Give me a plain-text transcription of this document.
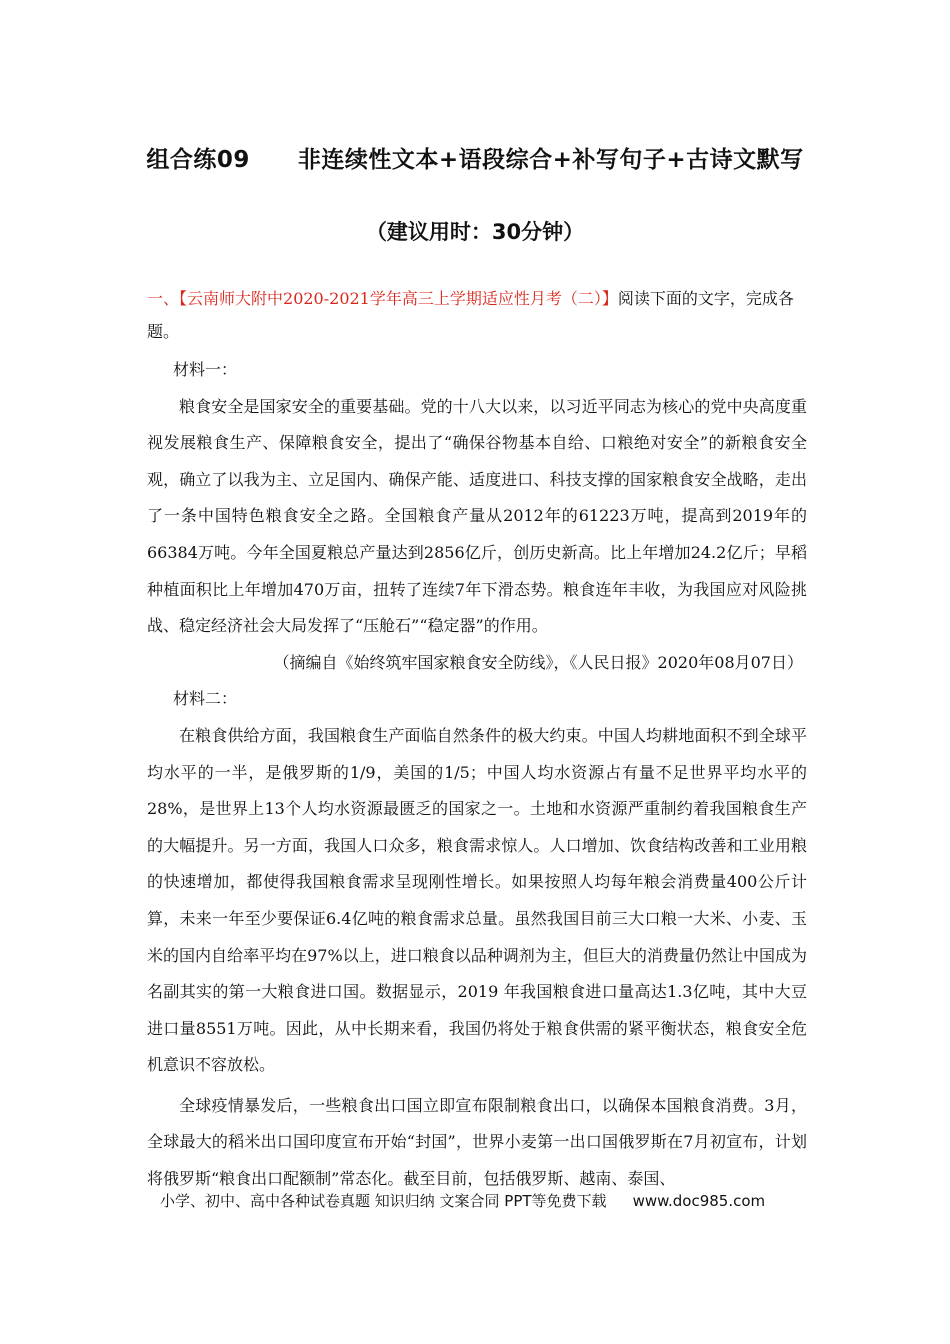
组合练09 非连续性文本+语段综合+补写句子+古诗文默写
（建议用时：30分钟）

一、【云南师大附中2020-2021学年高三上学期适应性月考（二）】阅读下面的文字，完成各题。

材料一：

粮食安全是国家安全的重要基础。党的十八大以来，以习近平同志为核心的党中央高度重视发展粮食生产、保障粮食安全，提出了“确保谷物基本自给、口粮绝对安全”的新粮食安全观，确立了以我为主、立足国内、确保产能、适度进口、科技支撑的国家粮食安全战略，走出了一条中国特色粮食安全之路。全国粮食产量从2012年的61223万吨，提高到2019年的66384万吨。今年全国夏粮总产量达到2856亿斤，创历史新高。比上年增加24.2亿斤；早稻种植面积比上年增加470万亩，扭转了连续7年下滑态势。粮食连年丰收，为我国应对风险挑战、稳定经济社会大局发挥了“压舱石”“稳定器”的作用。

（摘编自《始终筑牢国家粮食安全防线》，《人民日报》2020年08月07日）

材料二：

在粮食供给方面，我国粮食生产面临自然条件的极大约束。中国人均耕地面积不到全球平均水平的一半，是俄罗斯的1/9，美国的1/5；中国人均水资源占有量不足世界平均水平的28%，是世界上13个人均水资源最匮乏的国家之一。土地和水资源严重制约着我国粮食生产的大幅提升。另一方面，我国人口众多，粮食需求惊人。人口增加、饮食结构改善和工业用粮的快速增加，都使得我国粮食需求呈现刚性增长。如果按照人均每年粮会消费量400公斤计算，未来一年至少要保证6.4亿吨的粮食需求总量。虽然我国目前三大口粮一大米、小麦、玉米的国内自给率平均在97%以上，进口粮食以品种调剂为主，但巨大的消费量仍然让中国成为名副其实的第一大粮食进口国。数据显示，2019 年我国粮食进口量高达1.3亿吨，其中大豆进口量8551万吨。因此，从中长期来看，我国仍将处于粮食供需的紧平衡状态，粮食安全危机意识不容放松。

全球疫情暴发后，一些粮食出口国立即宣布限制粮食出口，以确保本国粮食消费。3月，全球最大的稻米出口国印度宣布开始“封国”，世界小麦第一出口国俄罗斯在7月初宣布，计划将俄罗斯“粮食出口配额制”常态化。截至目前，包括俄罗斯、越南、泰国、

小学、初中、高中各种试卷真题 知识归纳 文案合同 PPT等免费下载 www.doc985.com
